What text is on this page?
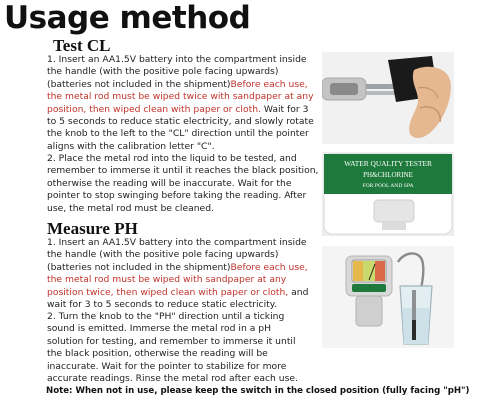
Usage method
Test CL
1. Insert an AA1.5V battery into the compartment inside the handle (with the positive pole facing upwards) (batteries not included in the shipment)Before each use, the metal rod must be wiped twice with sandpaper at any position, then wiped clean with paper or cloth. Wait for 3 to 5 seconds to reduce static electricity, and slowly rotate the knob to the left to the "CL" direction until the pointer aligns with the calibration letter "C".
2. Place the metal rod into the liquid to be tested, and remember to immerse it until it reaches the black position, otherwise the reading will be inaccurate. Wait for the pointer to stop swinging before taking the reading. After use, the metal rod must be cleaned.
Measure PH
1. Insert an AA1.5V battery into the compartment inside the handle (with the positive pole facing upwards) (batteries not included in the shipment)Before each use, the metal rod must be wiped with sandpaper at any position twice, then wiped clean with paper or cloth, and wait for 3 to 5 seconds to reduce static electricity.
2. Turn the knob to the "PH" direction until a ticking sound is emitted. Immerse the metal rod in a pH solution for testing, and remember to immerse it until the black position, otherwise the reading will be inaccurate. Wait for the pointer to stabilize for more accurate readings. Rinse the metal rod after each use.
Note: When not in use, please keep the switch in the closed position (fully facing "pH")
WATER QUALITY TESTER
PH&CHLORINE
FOR POOL AND SPA
